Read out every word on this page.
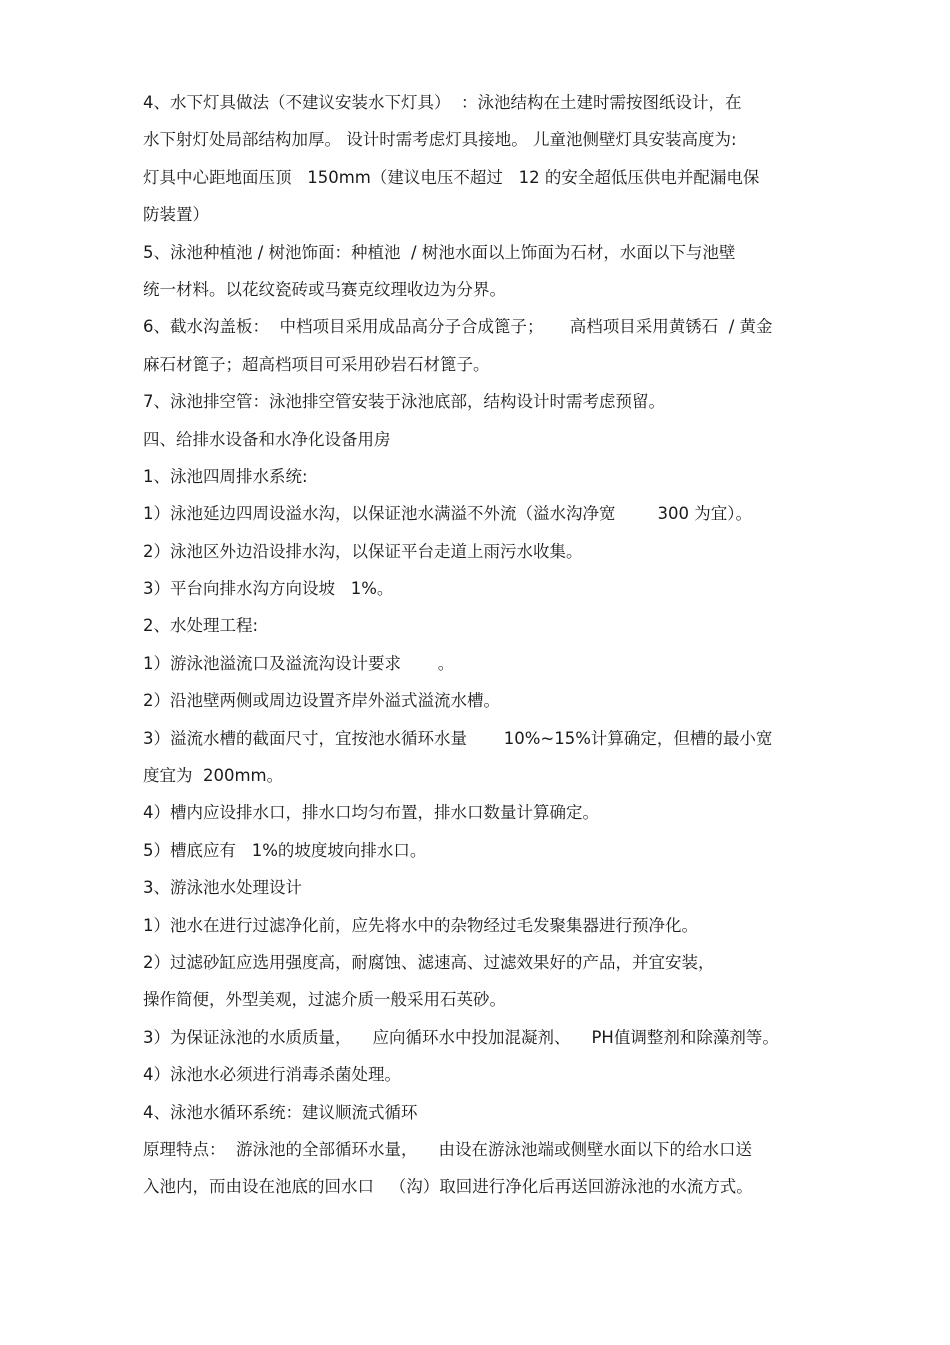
4、水下灯具做法（不建议安装水下灯具）  ：泳池结构在土建时需按图纸设计，在
水下射灯处局部结构加厚。 设计时需考虑灯具接地。 儿童池侧壁灯具安装高度为:
灯具中心距地面压顶   150mm（建议电压不超过   12 的安全超低压供电并配漏电保
防装置）
5、泳池种植池 / 树池饰面：种植池  / 树池水面以上饰面为石材，水面以下与池壁
统一材料。以花纹瓷砖或马赛克纹理收边为分界。
6、截水沟盖板：  中档项目采用成品高分子合成篦子；     高档项目采用黄锈石  / 黄金
麻石材篦子；超高档项目可采用砂岩石材篦子。
7、泳池排空管：泳池排空管安装于泳池底部，结构设计时需考虑预留。
四、给排水设备和水净化设备用房
1、泳池四周排水系统:
1）泳池延边四周设溢水沟，以保证池水满溢不外流（溢水沟净宽        300 为宜）。
2）泳池区外边沿设排水沟，以保证平台走道上雨污水收集。
3）平台向排水沟方向设坡   1%。
2、水处理工程:
1）游泳池溢流口及溢流沟设计要求       。
2）沿池壁两侧或周边设置齐岸外溢式溢流水槽。
3）溢流水槽的截面尺寸，宜按池水循环水量       10%~15%计算确定，但槽的最小宽
度宜为  200mm。
4）槽内应设排水口，排水口均匀布置，排水口数量计算确定。
5）槽底应有   1%的坡度坡向排水口。
3、游泳池水处理设计
1）池水在进行过滤净化前，应先将水中的杂物经过毛发聚集器进行预净化。
2）过滤砂缸应选用强度高，耐腐蚀、滤速高、过滤效果好的产品，并宜安装，
操作简便，外型美观，过滤介质一般采用石英砂。
3）为保证泳池的水质质量，    应向循环水中投加混凝剂、    PH值调整剂和除藻剂等。
4）泳池水必须进行消毒杀菌处理。
4、泳池水循环系统：建议顺流式循环
原理特点：  游泳池的全部循环水量，    由设在游泳池端或侧壁水面以下的给水口送
入池内，而由设在池底的回水口   （沟）取回进行净化后再送回游泳池的水流方式。
